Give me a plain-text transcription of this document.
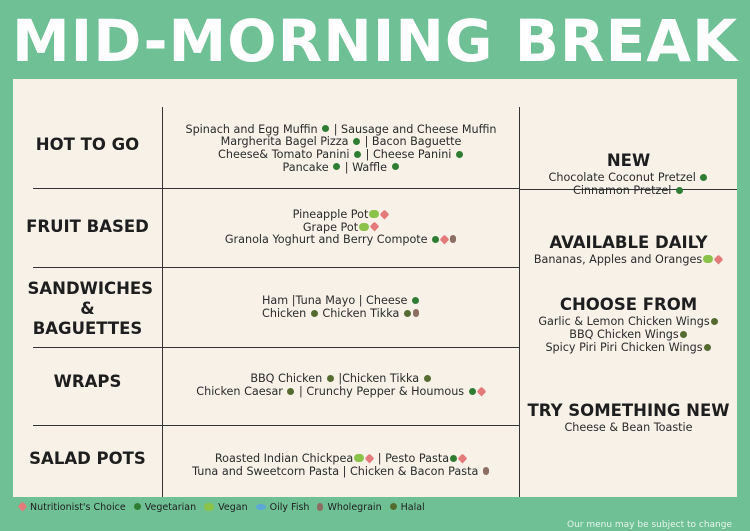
MID-MORNING BREAK
HOT TO GO
Spinach and Egg Muffin  | Sausage and Cheese Muffin
Margherita Bagel Pizza  | Bacon Baguette
Cheese& Tomato Panini  | Cheese Panini
Pancake  | Waffle
FRUIT BASED
Pineapple Pot
Grape Pot
Granola Yoghurt and Berry Compote
SANDWICHES & BAGUETTES
Ham |Tuna Mayo | Cheese
Chicken  Chicken Tikka
WRAPS	BBQ Chicken  |Chicken Tikka
Chicken Caesar  | Crunchy Pepper & Houmous
SALAD POTS	Roasted Indian Chickpea | Pesto Pasta
Tuna and Sweetcorn Pasta | Chicken & Bacon Pasta
NEW
Chocolate Coconut Pretzel
Cinnamon Pretzel
AVAILABLE DAILY
Bananas, Apples and Oranges
CHOOSE FROM
Garlic & Lemon Chicken Wings
BBQ Chicken Wings
Spicy Piri Piri Chicken Wings
TRY SOMETHING NEW
Cheese & Bean Toastie
Nutritionist's Choice Vegetarian Vegan Oily Fish Wholegrain Halal
Our menu may be subject to change
